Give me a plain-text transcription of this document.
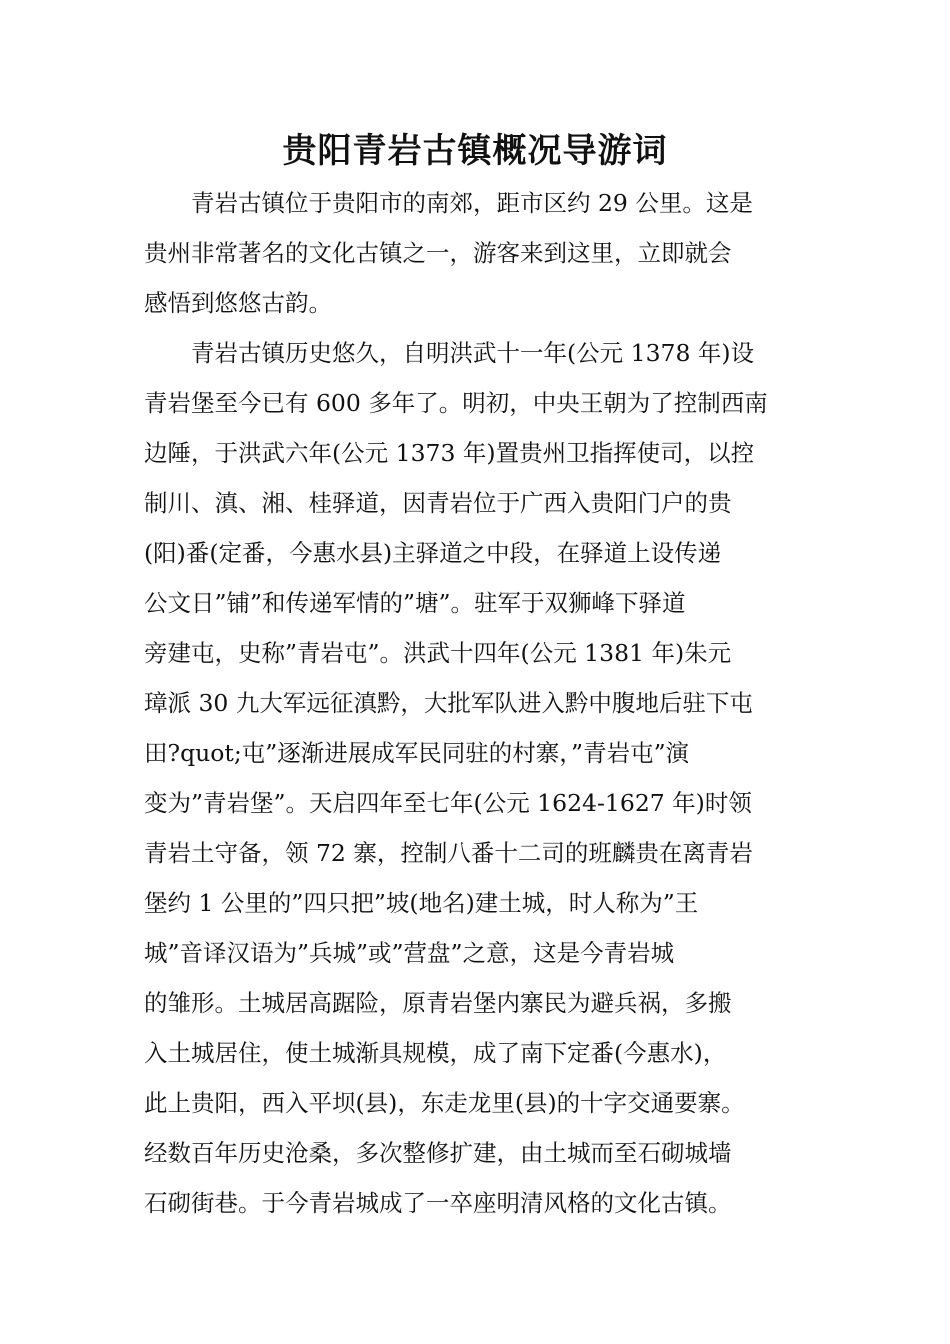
贵阳青岩古镇概况导游词

青岩古镇位于贵阳市的南郊，距市区约 29 公里。这是
贵州非常著名的文化古镇之一，游客来到这里，立即就会
感悟到悠悠古韵。

青岩古镇历史悠久，自明洪武十一年(公元 1378 年)设
青岩堡至今已有 600 多年了。明初，中央王朝为了控制西南
边陲，于洪武六年(公元 1373 年)置贵州卫指挥使司，以控
制川、滇、湘、桂驿道，因青岩位于广西入贵阳门户的贵
(阳)番(定番，今惠水县)主驿道之中段，在驿道上设传递
公文日”铺”和传递军情的”塘”。驻军于双狮峰下驿道
旁建屯，史称”青岩屯”。洪武十四年(公元 1381 年)朱元
璋派 30 九大军远征滇黔，大批军队进入黔中腹地后驻下屯
田?quot;屯”逐渐进展成军民同驻的村寨，”青岩屯”演
变为”青岩堡”。天启四年至七年(公元 1624-1627 年)时领
青岩土守备，领 72 寨，控制八番十二司的班麟贵在离青岩
堡约 1 公里的”四只把”坡(地名)建土城，时人称为”王
城”音译汉语为”兵城”或”营盘”之意，这是今青岩城
的雏形。土城居高踞险，原青岩堡内寨民为避兵祸，多搬
入土城居住，使土城渐具规模，成了南下定番(今惠水)，
此上贵阳，西入平坝(县)，东走龙里(县)的十字交通要寨。
经数百年历史沧桑，多次整修扩建，由土城而至石砌城墙
石砌街巷。于今青岩城成了一卒座明清风格的文化古镇。
